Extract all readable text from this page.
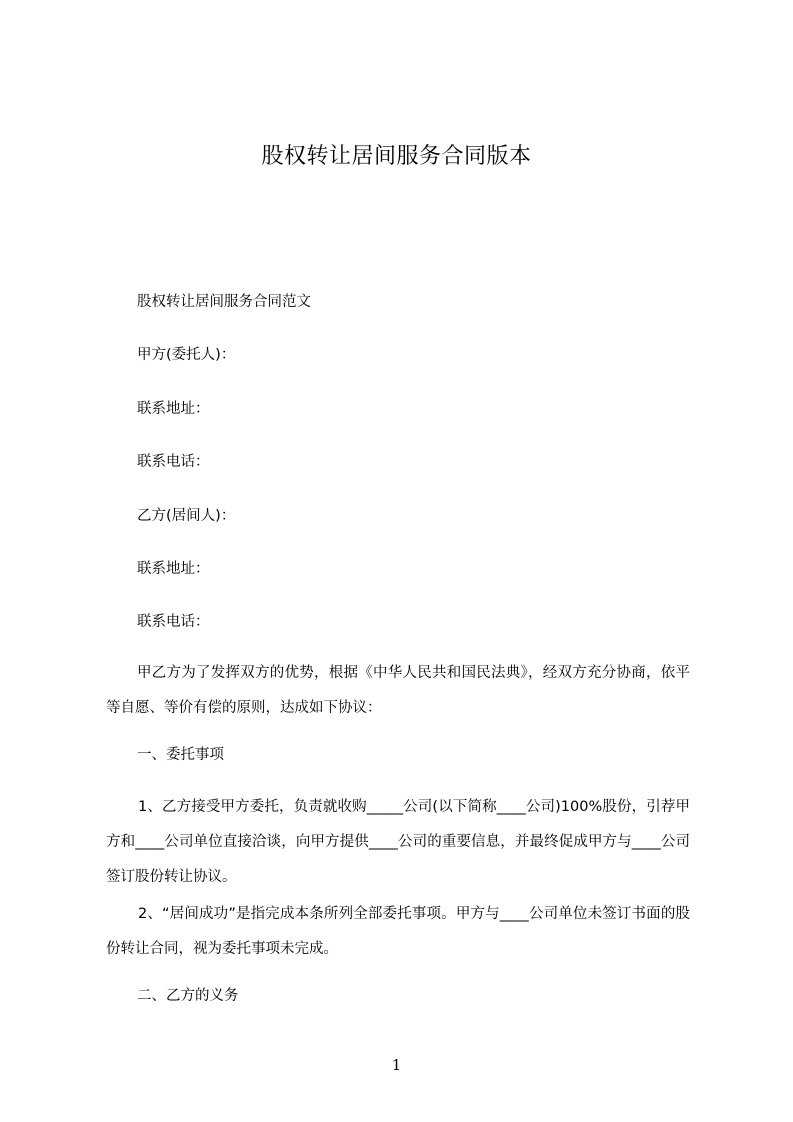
股权转让居间服务合同版本

股权转让居间服务合同范文

甲方(委托人)：

联系地址：

联系电话：

乙方(居间人)：

联系地址：

联系电话：

甲乙方为了发挥双方的优势，根据《中华人民共和国民法典》，经双方充分协商，依平等自愿、等价有偿的原则，达成如下协议：

一、委托事项

1、乙方接受甲方委托，负责就收购_____公司(以下简称____公司)100%股份，引荐甲方和____公司单位直接洽谈，向甲方提供____公司的重要信息，并最终促成甲方与____公司签订股份转让协议。

2、“居间成功”是指完成本条所列全部委托事项。甲方与____公司单位未签订书面的股份转让合同，视为委托事项未完成。

二、乙方的义务

1
